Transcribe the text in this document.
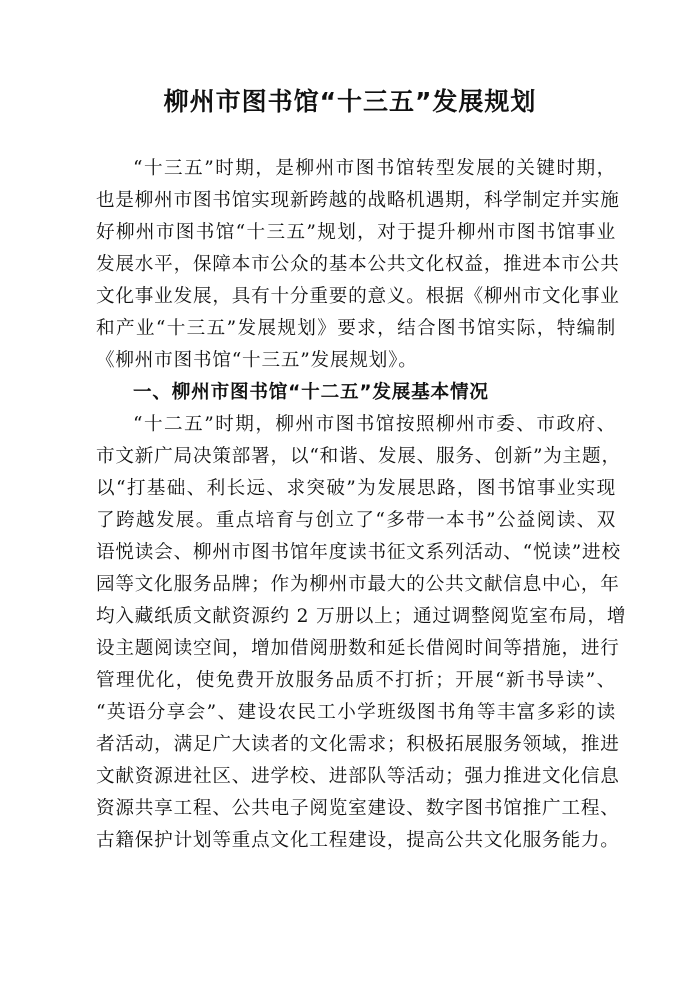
柳州市图书馆“十三五”发展规划
“十三五”时期，是柳州市图书馆转型发展的关键时期，
也是柳州市图书馆实现新跨越的战略机遇期，科学制定并实施
好柳州市图书馆“十三五”规划，对于提升柳州市图书馆事业
发展水平，保障本市公众的基本公共文化权益，推进本市公共
文化事业发展，具有十分重要的意义。根据《柳州市文化事业
和产业“十三五”发展规划》要求，结合图书馆实际，特编制
《柳州市图书馆“十三五”发展规划》。
一、柳州市图书馆“十二五”发展基本情况
“十二五”时期，柳州市图书馆按照柳州市委、市政府、
市文新广局决策部署，以“和谐、发展、服务、创新”为主题，
以“打基础、利长远、求突破”为发展思路，图书馆事业实现
了跨越发展。重点培育与创立了“多带一本书”公益阅读、双
语悦读会、柳州市图书馆年度读书征文系列活动、“悦读”进校
园等文化服务品牌；作为柳州市最大的公共文献信息中心，年
均入藏纸质文献资源约 2 万册以上；通过调整阅览室布局，增
设主题阅读空间，增加借阅册数和延长借阅时间等措施，进行
管理优化，使免费开放服务品质不打折；开展“新书导读”、
“英语分享会”、建设农民工小学班级图书角等丰富多彩的读
者活动，满足广大读者的文化需求；积极拓展服务领域，推进
文献资源进社区、进学校、进部队等活动；强力推进文化信息
资源共享工程、公共电子阅览室建设、数字图书馆推广工程、
古籍保护计划等重点文化工程建设，提高公共文化服务能力。
